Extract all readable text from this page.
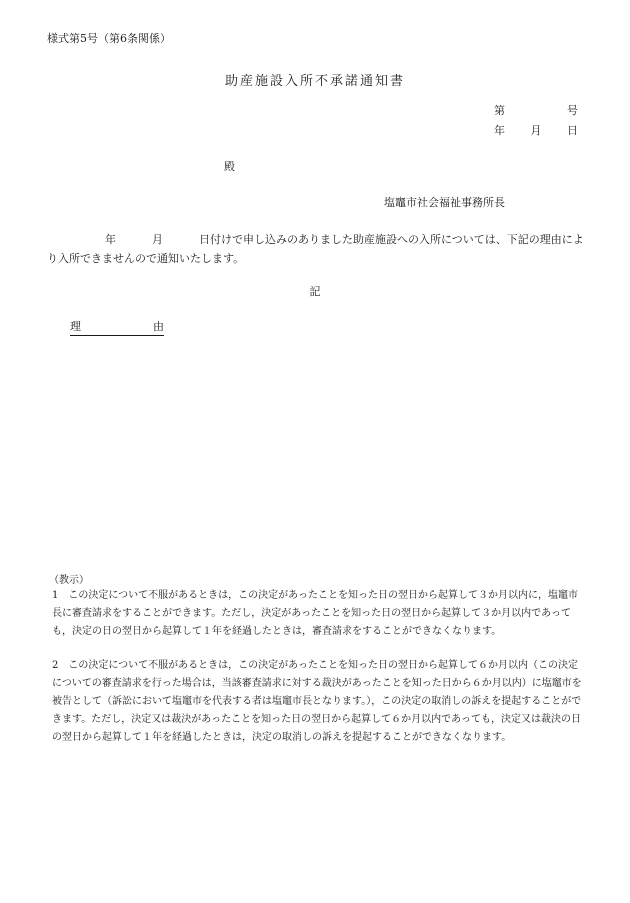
様式第5号（第6条関係）
助産施設入所不承諾通知書
第	号
年 月 日
殿
塩竈市社会福祉事務所長
年	月	日付けで申し込みのありました助産施設への入所については、下記の理由により入所できませんので通知いたします。
記
理	由
（教示）
1　この決定について不服があるときは，この決定があったことを知った日の翌日から起算して３か月以内に，塩竈市長に審査請求をすることができます。ただし，決定があったことを知った日の翌日から起算して３か月以内であっても，決定の日の翌日から起算して１年を経過したときは，審査請求をすることができなくなります。
2　この決定について不服があるときは，この決定があったことを知った日の翌日から起算して６か月以内（この決定についての審査請求を行った場合は，当該審査請求に対する裁決があったことを知った日から６か月以内）に塩竈市を被告として（訴訟において塩竈市を代表する者は塩竈市長となります。），この決定の取消しの訴えを提起することができます。ただし，決定又は裁決があったことを知った日の翌日から起算して６か月以内であっても，決定又は裁決の日の翌日から起算して１年を経過したときは，決定の取消しの訴えを提起することができなくなります。
